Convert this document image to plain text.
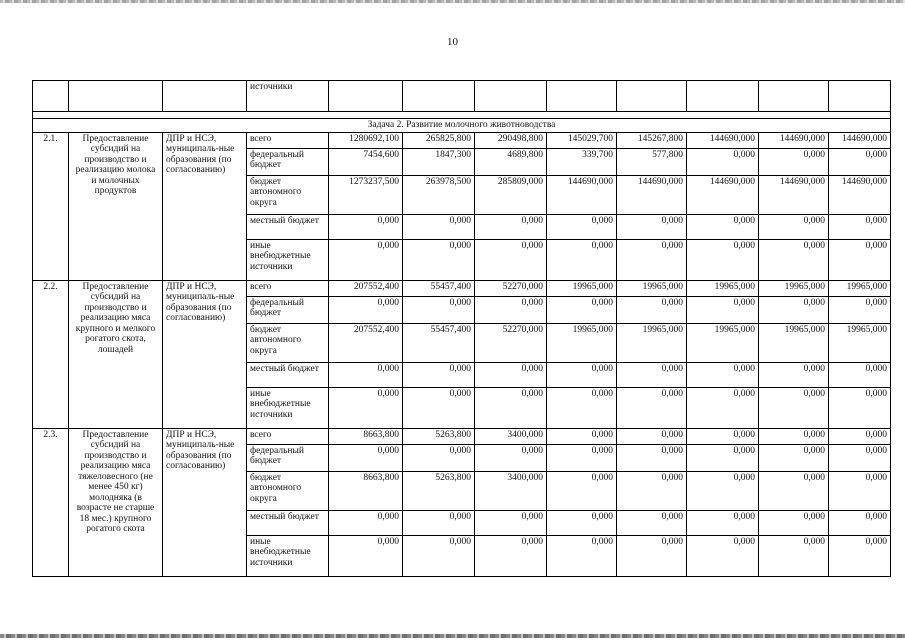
10
			источники								

Задача 2. Развитие молочного животноводства											
2.1.	Предоставление субсидий на производство и реализацию молока и молочных продуктов	ДПР и НСЭ, муниципаль-ные образования (по согласованию)	всего	1280692,100	265825,800	290498,800	145029,700	145267,800	144690,000	144690,000	144690,000
			федеральный бюджет	7454,600	1847,300	4689,800	339,700	577,800	0,000	0,000	0,000
			бюджет автономного округа	1273237,500	263978,500	285809,000	144690,000	144690,000	144690,000	144690,000	144690,000
			местный бюджет	0,000	0,000	0,000	0,000	0,000	0,000	0,000	0,000
			иные внебюджетные источники	0,000	0,000	0,000	0,000	0,000	0,000	0,000	0,000
2.2.	Предоставление субсидий на производство и реализацию мяса крупного и мелкого рогатого скота, лошадей	ДПР и НСЭ, муниципаль-ные образования (по согласованию)	всего	207552,400	55457,400	52270,000	19965,000	19965,000	19965,000	19965,000	19965,000
			федеральный бюджет	0,000	0,000	0,000	0,000	0,000	0,000	0,000	0,000
			бюджет автономного округа	207552,400	55457,400	52270,000	19965,000	19965,000	19965,000	19965,000	19965,000
			местный бюджет	0,000	0,000	0,000	0,000	0,000	0,000	0,000	0,000
			иные внебюджетные источники	0,000	0,000	0,000	0,000	0,000	0,000	0,000	0,000
2.3.	Предоставление субсидий на производство и реализацию мяса тяжеловесного (не менее 450 кг) молодняка (в возрасте не старше 18 мес.) крупного рогатого скота	ДПР и НСЭ, муниципаль-ные образования (по согласованию)	всего	8663,800	5263,800	3400,000	0,000	0,000	0,000	0,000	0,000
			федеральный бюджет	0,000	0,000	0,000	0,000	0,000	0,000	0,000	0,000
			бюджет автономного округа	8663,800	5263,800	3400,000	0,000	0,000	0,000	0,000	0,000
			местный бюджет	0,000	0,000	0,000	0,000	0,000	0,000	0,000	0,000
			иные внебюджетные источники	0,000	0,000	0,000	0,000	0,000	0,000	0,000	0,000
